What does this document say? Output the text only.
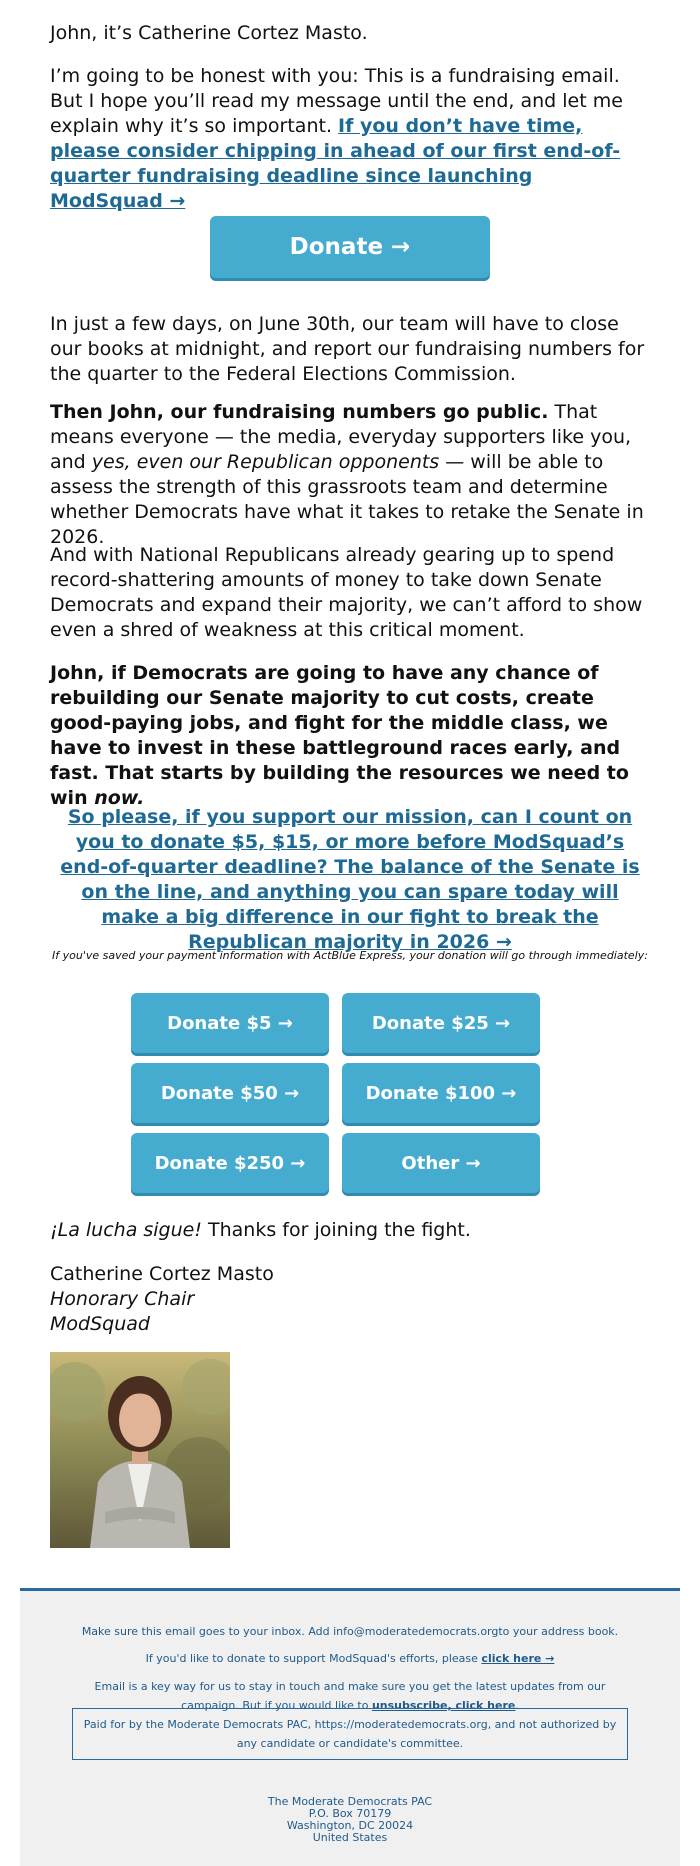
John, it’s Catherine Cortez Masto.

I’m going to be honest with you: This is a fundraising email. But I hope you’ll read my message until the end, and let me explain why it’s so important. If you don’t have time, please consider chipping in ahead of our first end-of-quarter fundraising deadline since launching ModSquad →

In just a few days, on June 30th, our team will have to close our books at midnight, and report our fundraising numbers for the quarter to the Federal Elections Commission.

Then John, our fundraising numbers go public. That means everyone — the media, everyday supporters like you, and yes, even our Republican opponents — will be able to assess the strength of this grassroots team and determine whether Democrats have what it takes to retake the Senate in 2026.

And with National Republicans already gearing up to spend record-shattering amounts of money to take down Senate Democrats and expand their majority, we can’t afford to show even a shred of weakness at this critical moment.

John, if Democrats are going to have any chance of rebuilding our Senate majority to cut costs, create good-paying jobs, and fight for the middle class, we have to invest in these battleground races early, and fast. That starts by building the resources we need to win now.

¡La lucha sigue! Thanks for joining the fight.

Catherine Cortez Masto
Honorary Chair
ModSquad
Donate →
So please, if you support our mission, can I count on you to donate $5, $15, or more before ModSquad’s end-of-quarter deadline? The balance of the Senate is on the line, and anything you can spare today will make a big difference in our fight to break the Republican majority in 2026 →
If you've saved your payment information with ActBlue Express, your donation will go through immediately:
Donate $5 →	Donate $25 →
Donate $50 →	Donate $100 →
Donate $250 →	Other →
Make sure this email goes to your inbox. Add info@moderatedemocrats.orgto your address book.
If you'd like to donate to support ModSquad's efforts, please click here →
Email is a key way for us to stay in touch and make sure you get the latest updates from our campaign. But if you would like to unsubscribe, click here.
Paid for by the Moderate Democrats PAC, https://moderatedemocrats.org, and not authorized by any candidate or candidate's committee.
The Moderate Democrats PAC
P.O. Box 70179
Washington, DC 20024
United States
